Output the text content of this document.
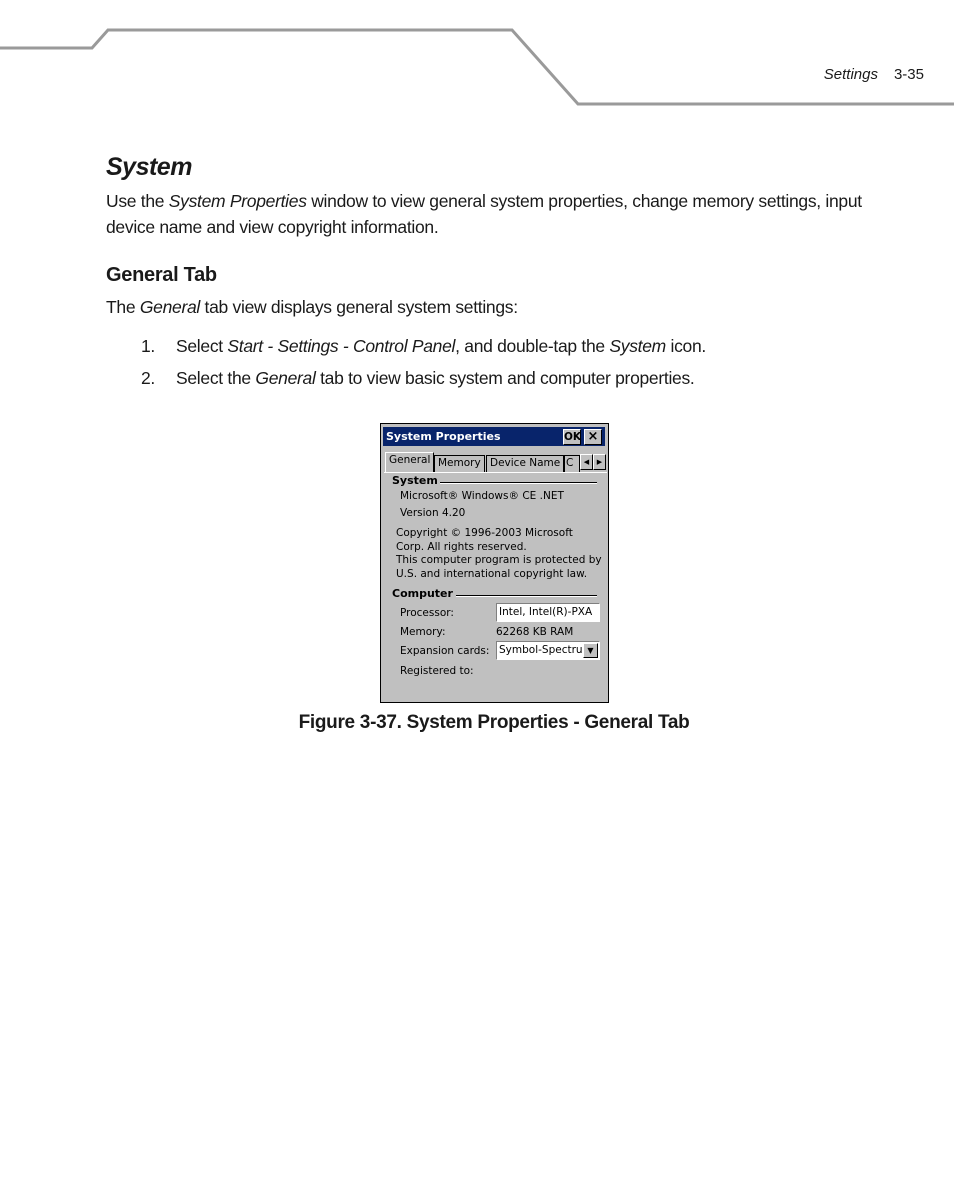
Settings 3-35
System
Use the System Properties window to view general system properties, change memory settings, input device name and view copyright information.
General Tab
The General tab view displays general system settings:
1. Select Start - Settings - Control Panel, and double-tap the System icon.
2. Select the General tab to view basic system and computer properties.
System Properties	OK ×
General Memory Device Name C	◀	▶
System
Microsoft® Windows® CE .NET
Version 4.20
Copyright © 1996-2003 Microsoft
Corp. All rights reserved.
This computer program is protected by
U.S. and international copyright law.
Computer
Processor:	Intel, Intel(R)-PXA
Memory:	62268 KB RAM
Expansion cards: Symbol-Spectru ▼
Registered to:
Figure 3-37. System Properties - General Tab
